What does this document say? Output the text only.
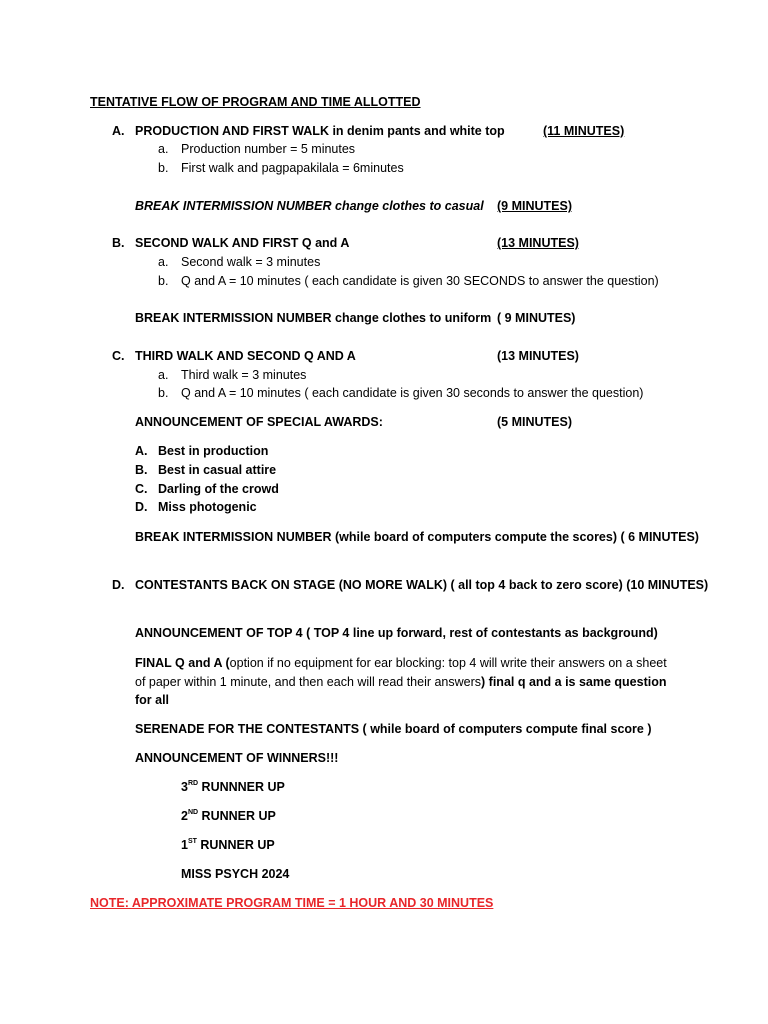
TENTATIVE FLOW OF PROGRAM AND TIME ALLOTTED
A. PRODUCTION AND FIRST WALK in denim pants and white top	(11 MINUTES)
a. Production number = 5 minutes
b. First walk and pagpapakilala = 6minutes
BREAK INTERMISSION NUMBER change clothes to casual (9 MINUTES)
B. SECOND WALK AND FIRST Q and A	(13 MINUTES)
a. Second walk = 3 minutes
b. Q and A = 10 minutes ( each candidate is given 30 SECONDS to answer the question)
BREAK INTERMISSION NUMBER change clothes to uniform ( 9 MINUTES)
C. THIRD WALK AND SECOND Q AND A	(13 MINUTES)
a. Third walk = 3 minutes
b. Q and A = 10 minutes ( each candidate is given 30 seconds to answer the question)
ANNOUNCEMENT OF SPECIAL AWARDS:	(5 MINUTES)
A. Best in production
B. Best in casual attire
C. Darling of the crowd
D. Miss photogenic
BREAK INTERMISSION NUMBER (while board of computers compute the scores) ( 6 MINUTES)
D. CONTESTANTS BACK ON STAGE (NO MORE WALK) ( all top 4 back to zero score) (10 MINUTES)
ANNOUNCEMENT OF TOP 4 ( TOP 4 line up forward, rest of contestants as background)
FINAL Q and A (option if no equipment for ear blocking: top 4 will write their answers on a sheet of paper within 1 minute, and then each will read their answers) final q and a is same question for all
SERENADE FOR THE CONTESTANTS ( while board of computers compute final score )
ANNOUNCEMENT OF WINNERS!!!
3RD RUNNNER UP
2ND RUNNER UP
1ST RUNNER UP
MISS PSYCH 2024
NOTE: APPROXIMATE PROGRAM TIME = 1 HOUR AND 30 MINUTES
